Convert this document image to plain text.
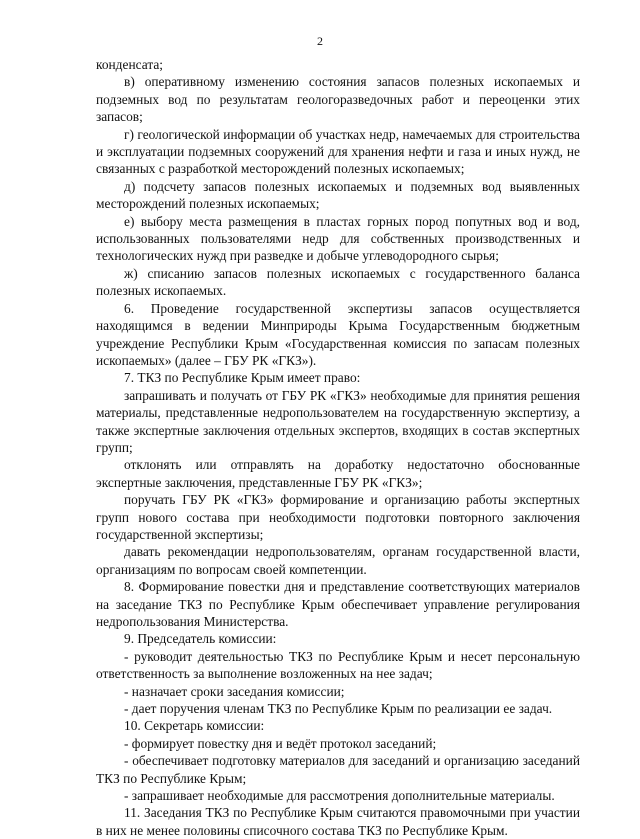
2

конденсата;

в) оперативному изменению состояния запасов полезных ископаемых и подземных вод по результатам геологоразведочных работ и переоценки этих запасов;

г) геологической информации об участках недр, намечаемых для строительства и эксплуатации подземных сооружений для хранения нефти и газа и иных нужд, не связанных с разработкой месторождений полезных ископаемых;

д) подсчету запасов полезных ископаемых и подземных вод выявленных месторождений полезных ископаемых;

е) выбору места размещения в пластах горных пород попутных вод и вод, использованных пользователями недр для собственных производственных и технологических нужд при разведке и добыче углеводородного сырья;

ж) списанию запасов полезных ископаемых с государственного баланса полезных ископаемых.

6. Проведение государственной экспертизы запасов осуществляется находящимся в ведении Минприроды Крыма Государственным бюджетным учреждение Республики Крым «Государственная комиссия по запасам полезных ископаемых» (далее – ГБУ РК «ГКЗ»).

7. ТКЗ по Республике Крым имеет право:

запрашивать и получать от ГБУ РК «ГКЗ» необходимые для принятия решения материалы, представленные недропользователем на государственную экспертизу, а также экспертные заключения отдельных экспертов, входящих в состав экспертных групп;

отклонять или отправлять на доработку недостаточно обоснованные экспертные заключения, представленные ГБУ РК «ГКЗ»;

поручать ГБУ РК «ГКЗ» формирование и организацию работы экспертных групп нового состава при необходимости подготовки повторного заключения государственной экспертизы;

давать рекомендации недропользователям, органам государственной власти, организациям по вопросам своей компетенции.

8. Формирование повестки дня и представление соответствующих материалов на заседание ТКЗ по Республике Крым обеспечивает управление регулирования недропользования Министерства.

9. Председатель комиссии:

- руководит деятельностью ТКЗ по Республике Крым и несет персональную ответственность за выполнение возложенных на нее задач;

- назначает сроки заседания комиссии;

- дает поручения членам ТКЗ по Республике Крым по реализации ее задач.

10. Секретарь комиссии:

- формирует повестку дня и ведёт протокол заседаний;

- обеспечивает подготовку материалов для заседаний и организацию заседаний ТКЗ по Республике Крым;

- запрашивает необходимые для рассмотрения дополнительные материалы.

11. Заседания ТКЗ по Республике Крым считаются правомочными при участии в них не менее половины списочного состава ТКЗ по Республике Крым.
